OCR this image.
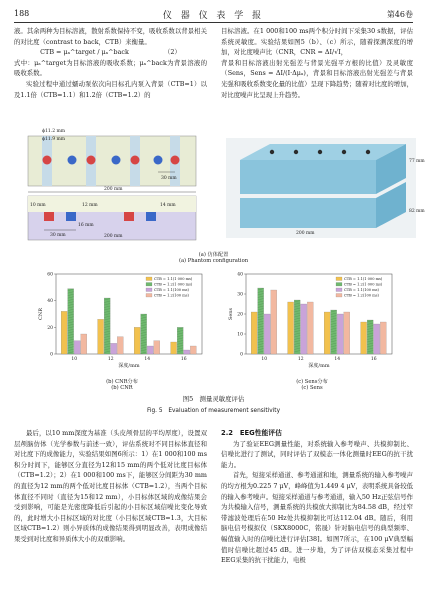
188	仪 器 仪 表 学 报	第46卷

液。其余两种为目标溶液，散射系数保持不变，吸收系数以背景相关的对比度（contrast to back，CTB）来衡量。

CTB = μₐ^target / μₐ^back　　　　　　（2）

式中：μₐ^target为目标溶液的吸收系数；μₐ^back为背景溶液的吸收系数。

实验过程中通过蠕动泵依次向目标孔内泵入背景（CTB=1）以及1.1倍（CTB=1.1）和1.2倍（CTB=1.2）的

目标溶液。在1 000和100 ms两个积分时间下采集30 s数据，评估系统灵敏度。实验结果如图5（b）、（c）所示，随着探测深度的增加，对比度噪声比（CNR，CNR = ΔI/√I，

背景和目标溶液出射光强差与背景光强平方根的比值）及灵敏度（Sens，Sens = ΔI/(I·Δμₐ)，背景和目标溶液出射光强差与背景光强和吸收系数变化量的比值）呈现下降趋势；随着对比度的增加，对比度噪声比呈现上升趋势。

30 mm
ϕ11.2 mm
ϕ11.9 mm
200 mm
10 mm	12 mm	14 mm
16 mm
30 mm	200 mm
77 mm
200 mm
82 mm
(a) 仿体配置
(a) Phantom configuration
0
20
40
60
CNR
深度/mm
10	12	14	16
CTB = 1.1(1 000 ms)
CTB = 1.2(1 000 ms)
CTB = 1.1(100 ms)
CTB = 1.2(100 ms)
0
10
20
30
40
Sens
深度/mm
10	12	14	16
CTB = 1.1(1 000 ms)
CTB = 1.2(1 000 ms)
CTB = 1.1(100 ms)
CTB = 1.2(100 ms)
(b) CNR分布
(b) CNR
(c) Sens分布
(c) Sens
图5　测量灵敏度评估
Fig. 5　Evaluation of measurement sensitivity

最后，以10 mm深度为基准（头皮颅骨层的平均厚度），设置双层颅脑仿体（光学参数与前述一致），评估系统对不同目标体直径和对比度下的成像能力，实验结果如图6所示：1）在1 000和100 ms积分时间下，能够区分直径为12和15 mm的两个低对比度目标体（CTB=1.2）；2）在1 000和100 ms下，能够区分间距为30 mm的直径为12 mm的两个低对比度目标体（CTB=1.2），当两个目标体直径不同时（直径为15和12 mm），小目标体区域的成像结果会受到影响，可能是光密度降低后引起的小目标区域信噪比变化导致的，此时增大小目标区域的对比度（小目标区域CTB=1.3，大目标区域CTB=1.2）则小异质体的成像结果得到明显改善，表明成像结果受到对比度和异质体大小的双重影响。

2.2　EEG性能评估

为了验证EEG测量性能，对系统输入参考噪声、共模抑制比、信噪比进行了测试，同时评估了双模态一体化测量时EEG的抗干扰能力。

首先，短接采样通道、参考通道和地，测量系统的输入参考噪声的均方根为0.225 7 μV，峰峰值为1.449 4 μV，表明系统具备较低的输入参考噪声。短接采样通道与参考通道，输入50 Hz正弦信号作为共模输入信号，测量系统的共模放大抑制比为84.58 dB，经过窄带滤波处理后在50 Hz处共模抑制比可达112.04 dB。随后，利用脑电信号模拟仪（SKX8000C，铭晟）针对脑电信号的典型频率、幅值输入时的信噪比进行评估[38]。如图7所示，在100 μV典型幅值时信噪比超过45 dB。进一步地，为了评估双模态采集过程中EEG采集的抗干扰能力，电极
